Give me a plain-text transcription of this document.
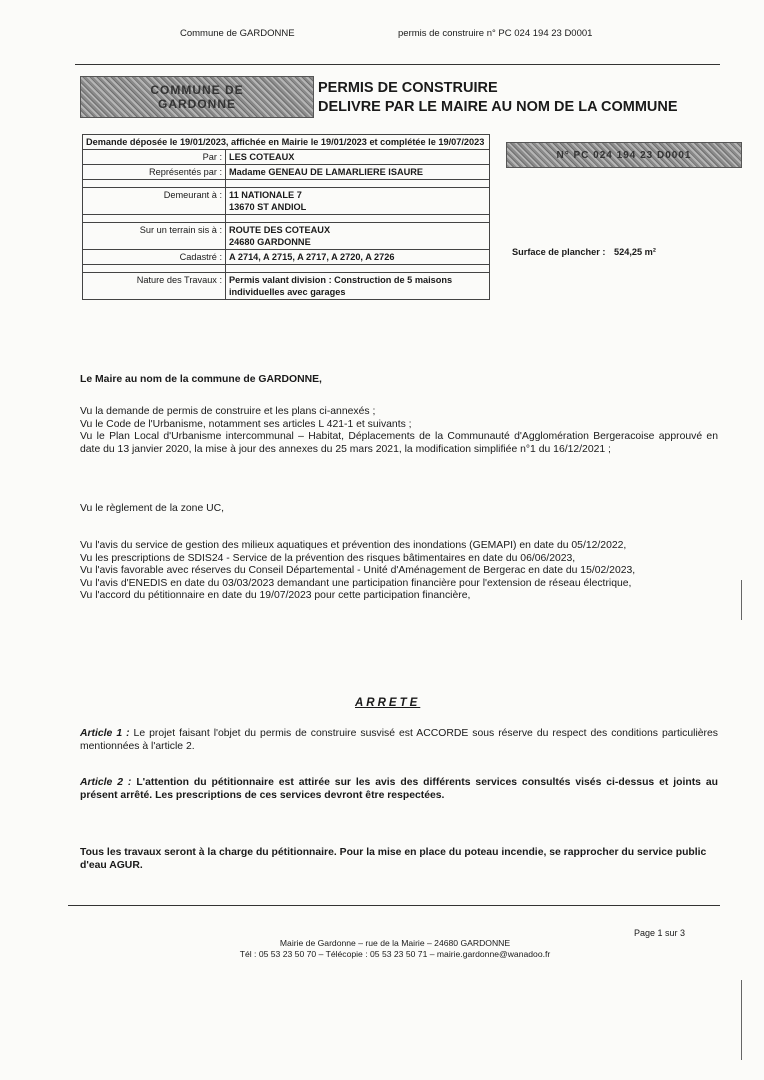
Commune de GARDONNE	permis de construire n° PC 024 194 23 D0001
COMMUNE DE
GARDONNE
PERMIS DE CONSTRUIRE
DELIVRE PAR LE MAIRE AU NOM DE LA COMMUNE
Demande déposée le 19/01/2023, affichée en Mairie le 19/01/2023 et complétée le 19/07/2023	
Par :	LES COTEAUX
Représentés par :	Madame GENEAU DE LAMARLIERE ISAURE

Demeurant à :	11 NATIONALE 7
13670 ST ANDIOL

Sur un terrain sis à :	ROUTE DES COTEAUX
24680 GARDONNE

Cadastré :	A 2714, A 2715, A 2717, A 2720, A 2726

Nature des Travaux :	Permis valant division : Construction de 5 maisons individuelles avec garages
N° PC 024 194 23 D0001
Surface de plancher : 524,25 m²
Le Maire au nom de la commune de GARDONNE,
Vu la demande de permis de construire et les plans ci-annexés ;
Vu le Code de l'Urbanisme, notamment ses articles L 421-1 et suivants ;
Vu le Plan Local d'Urbanisme intercommunal – Habitat, Déplacements de la Communauté d'Agglomération Bergeracoise approuvé en date du 13 janvier 2020, la mise à jour des annexes du 25 mars 2021, la modification simplifiée n°1 du 16/12/2021 ;
Vu le règlement de la zone UC,
Vu l'avis du service de gestion des milieux aquatiques et prévention des inondations (GEMAPI) en date du 05/12/2022,
Vu les prescriptions de SDIS24 - Service de la prévention des risques bâtimentaires en date du 06/06/2023,
Vu l'avis favorable avec réserves du Conseil Départemental - Unité d'Aménagement de Bergerac en date du 15/02/2023,
Vu l'avis d'ENEDIS en date du 03/03/2023 demandant une participation financière pour l'extension de réseau électrique,
Vu l'accord du pétitionnaire en date du 19/07/2023 pour cette participation financière,
ARRETE
Article 1 : Le projet faisant l'objet du permis de construire susvisé est ACCORDE sous réserve du respect des conditions particulières mentionnées à l'article 2.
Article 2 : L'attention du pétitionnaire est attirée sur les avis des différents services consultés visés ci-dessus et joints au présent arrêté. Les prescriptions de ces services devront être respectées.
Tous les travaux seront à la charge du pétitionnaire. Pour la mise en place du poteau incendie, se rapprocher du service public d'eau AGUR.
Page 1 sur 3
Mairie de Gardonne – rue de la Mairie – 24680 GARDONNE
Tél : 05 53 23 50 70 – Télécopie : 05 53 23 50 71 – mairie.gardonne@wanadoo.fr
